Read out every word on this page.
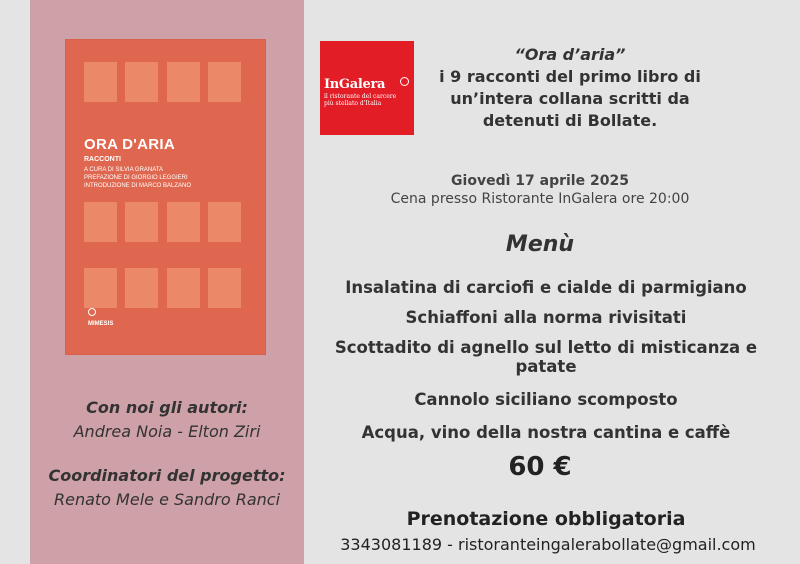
ORA D'ARIA
RACCONTI
A CURA DI SILVIA GRANATA
PREFAZIONE DI GIORGIO LEGGIERI
INTRODUZIONE DI MARCO BALZANO
MIMESIS
Con noi gli autori:
Andrea Noia - Elton Ziri
Coordinatori del progetto:
Renato Mele e Sandro Ranci
InGalera
il ristorante del carcere
più stellato d'Italia
“Ora d’aria”
i 9 racconti del primo libro di
un’intera collana scritti da
detenuti di Bollate.
Giovedì 17 aprile 2025
Cena presso Ristorante InGalera ore 20:00
Menù
Insalatina di carciofi e cialde di parmigiano
Schiaffoni alla norma rivisitati
Scottadito di agnello sul letto di misticanza e patate
Cannolo siciliano scomposto
Acqua, vino della nostra cantina e caffè
60 €
Prenotazione obbligatoria
3343081189 - ristoranteingalerabollate@gmail.com
